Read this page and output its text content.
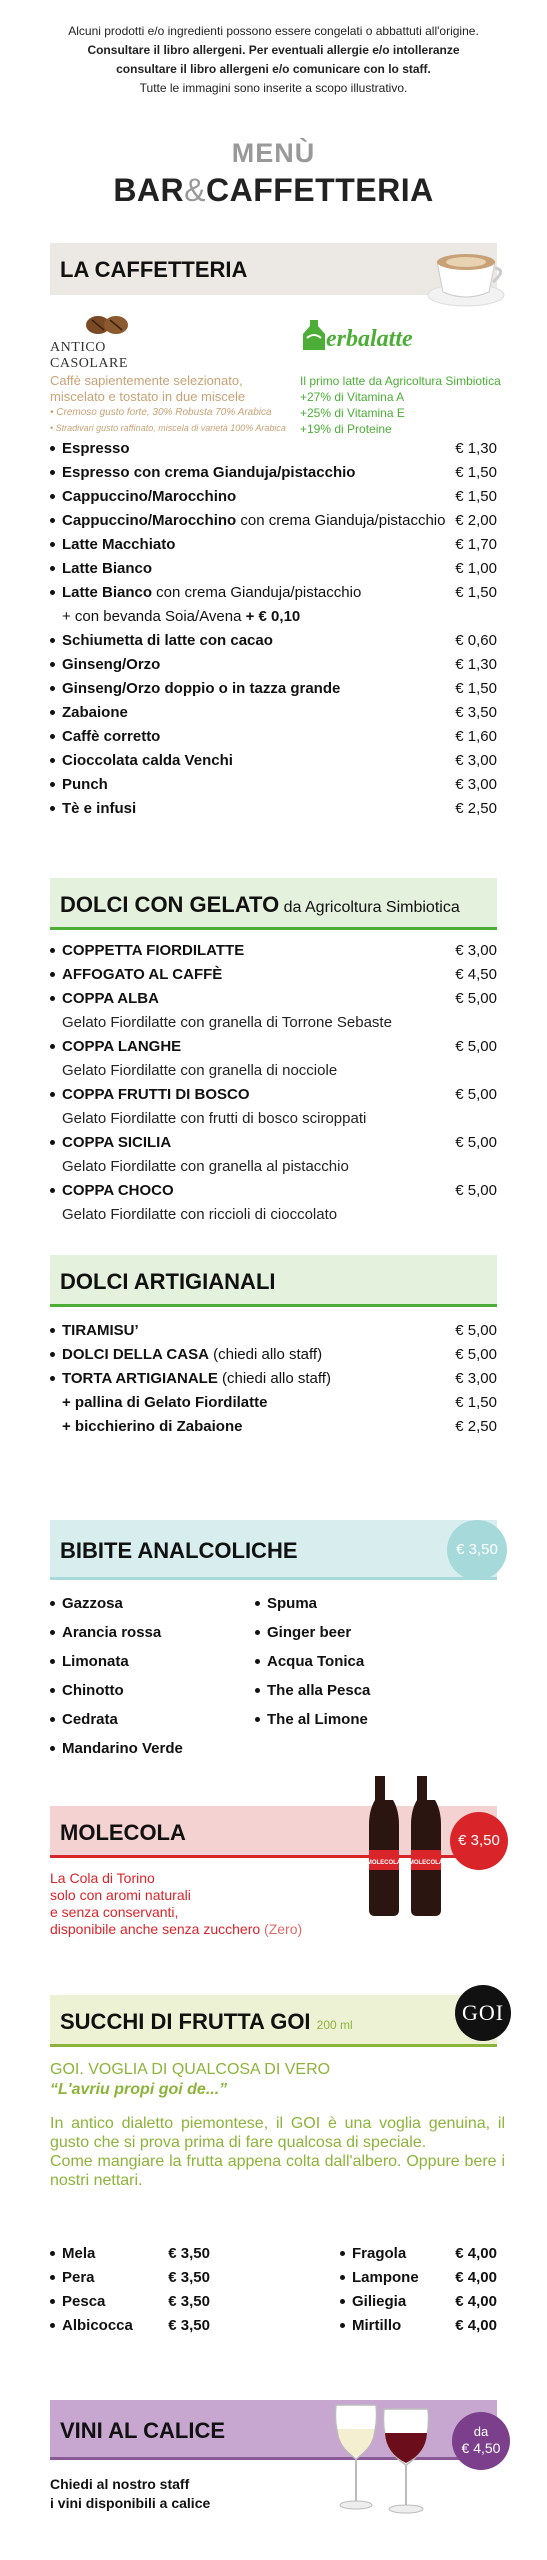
Alcuni prodotti e/o ingredienti possono essere congelati o abbattuti all'origine.
Consultare il libro allergeni. Per eventuali allergie e/o intolleranze
consultare il libro allergeni e/o comunicare con lo staff.
Tutte le immagini sono inserite a scopo illustrativo.
MENÙ
BAR&CAFFETTERIA
LA CAFFETTERIA
ANTICO CASOLARE
erbalatte
Caffè sapientemente selezionato,
miscelato e tostato in due miscele
• Cremoso gusto forte, 30% Robusta 70% Arabica
• Stradivari gusto raffinato, miscela di varietà 100% Arabica
Il primo latte da Agricoltura Simbiotica
+27% di Vitamina A
+25% di Vitamina E
+19% di Proteine
Espresso	€ 1,30
Espresso con crema Gianduja/pistacchio	€ 1,50
Cappuccino/Marocchino	€ 1,50
Cappuccino/Marocchino con crema Gianduja/pistacchio € 2,00
Latte Macchiato	€ 1,70
Latte Bianco	€ 1,00
Latte Bianco con crema Gianduja/pistacchio	€ 1,50
+ con bevanda Soia/Avena + € 0,10
Schiumetta di latte con cacao	€ 0,60
Ginseng/Orzo	€ 1,30
Ginseng/Orzo doppio o in tazza grande	€ 1,50
Zabaione	€ 3,50
Caffè corretto	€ 1,60
Cioccolata calda Venchi	€ 3,00
Punch	€ 3,00
Tè e infusi	€ 2,50
DOLCI CON GELATO da Agricoltura Simbiotica
COPPETTA FIORDILATTE	€ 3,00
AFFOGATO AL CAFFÈ	€ 4,50
COPPA ALBA	€ 5,00
Gelato Fiordilatte con granella di Torrone Sebaste
COPPA LANGHE	€ 5,00
Gelato Fiordilatte con granella di nocciole
COPPA FRUTTI DI BOSCO	€ 5,00
Gelato Fiordilatte con frutti di bosco sciroppati
COPPA SICILIA	€ 5,00
Gelato Fiordilatte con granella al pistacchio
COPPA CHOCO	€ 5,00
Gelato Fiordilatte con riccioli di cioccolato
DOLCI ARTIGIANALI
TIRAMISU’	€ 5,00
DOLCI DELLA CASA (chiedi allo staff)	€ 5,00
TORTA ARTIGIANALE (chiedi allo staff)	€ 3,00
+ pallina di Gelato Fiordilatte	€ 1,50
+ bicchierino di Zabaione	€ 2,50
BIBITE ANALCOLICHE	€ 3,50
Gazzosa
Arancia rossa
Limonata
Chinotto
Cedrata
Mandarino Verde
Spuma
Ginger beer
Acqua Tonica
The alla Pesca
The al Limone
MOLECOLA	€ 3,50
La Cola di Torino
solo con aromi naturali
e senza conservanti,
disponibile anche senza zucchero (Zero)
MOLECOLA MOLECOLA
SUCCHI DI FRUTTA GOI 200 ml	GOI
GOI. VOGLIA DI QUALCOSA DI VERO
“L'avriu propi goi de...”
In antico dialetto piemontese, il GOI è una voglia genuina, il gusto che si prova prima di fare qualcosa di speciale.
Come mangiare la frutta appena colta dall'albero. Oppure bere i nostri nettari.
Mela	€ 3,50
Pera	€ 3,50
Pesca	€ 3,50
Albicocca € 3,50
Fragola	€ 4,00
Lampone € 4,00
Giliegia	€ 4,00
Mirtillo	€ 4,00
VINI AL CALICE	da
€ 4,50
Chiedi al nostro staff
i vini disponibili a calice
